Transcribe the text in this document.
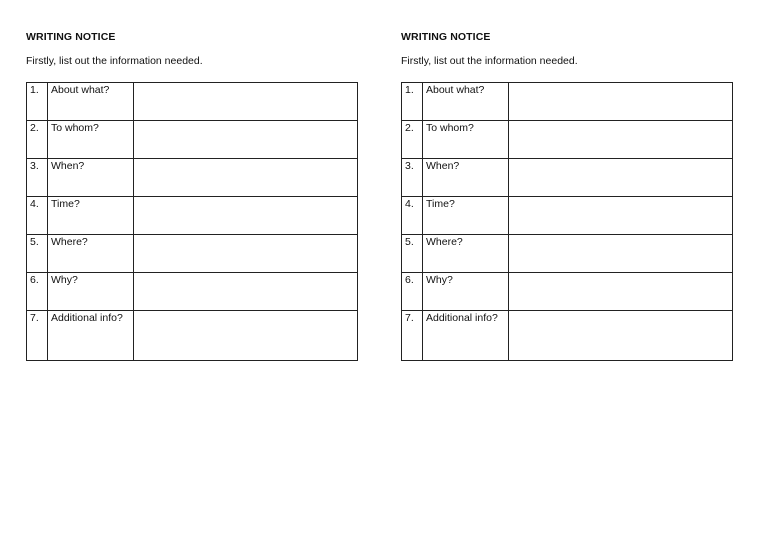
WRITING NOTICE
Firstly, list out the information needed.
1.	About what?	
2.	To whom?	
3.	When?	
4.	Time?	
5.	Where?	
6.	Why?	
7.	Additional info?	
WRITING NOTICE
Firstly, list out the information needed.
1.	About what?	
2.	To whom?	
3.	When?	
4.	Time?	
5.	Where?	
6.	Why?	
7.	Additional info?	
